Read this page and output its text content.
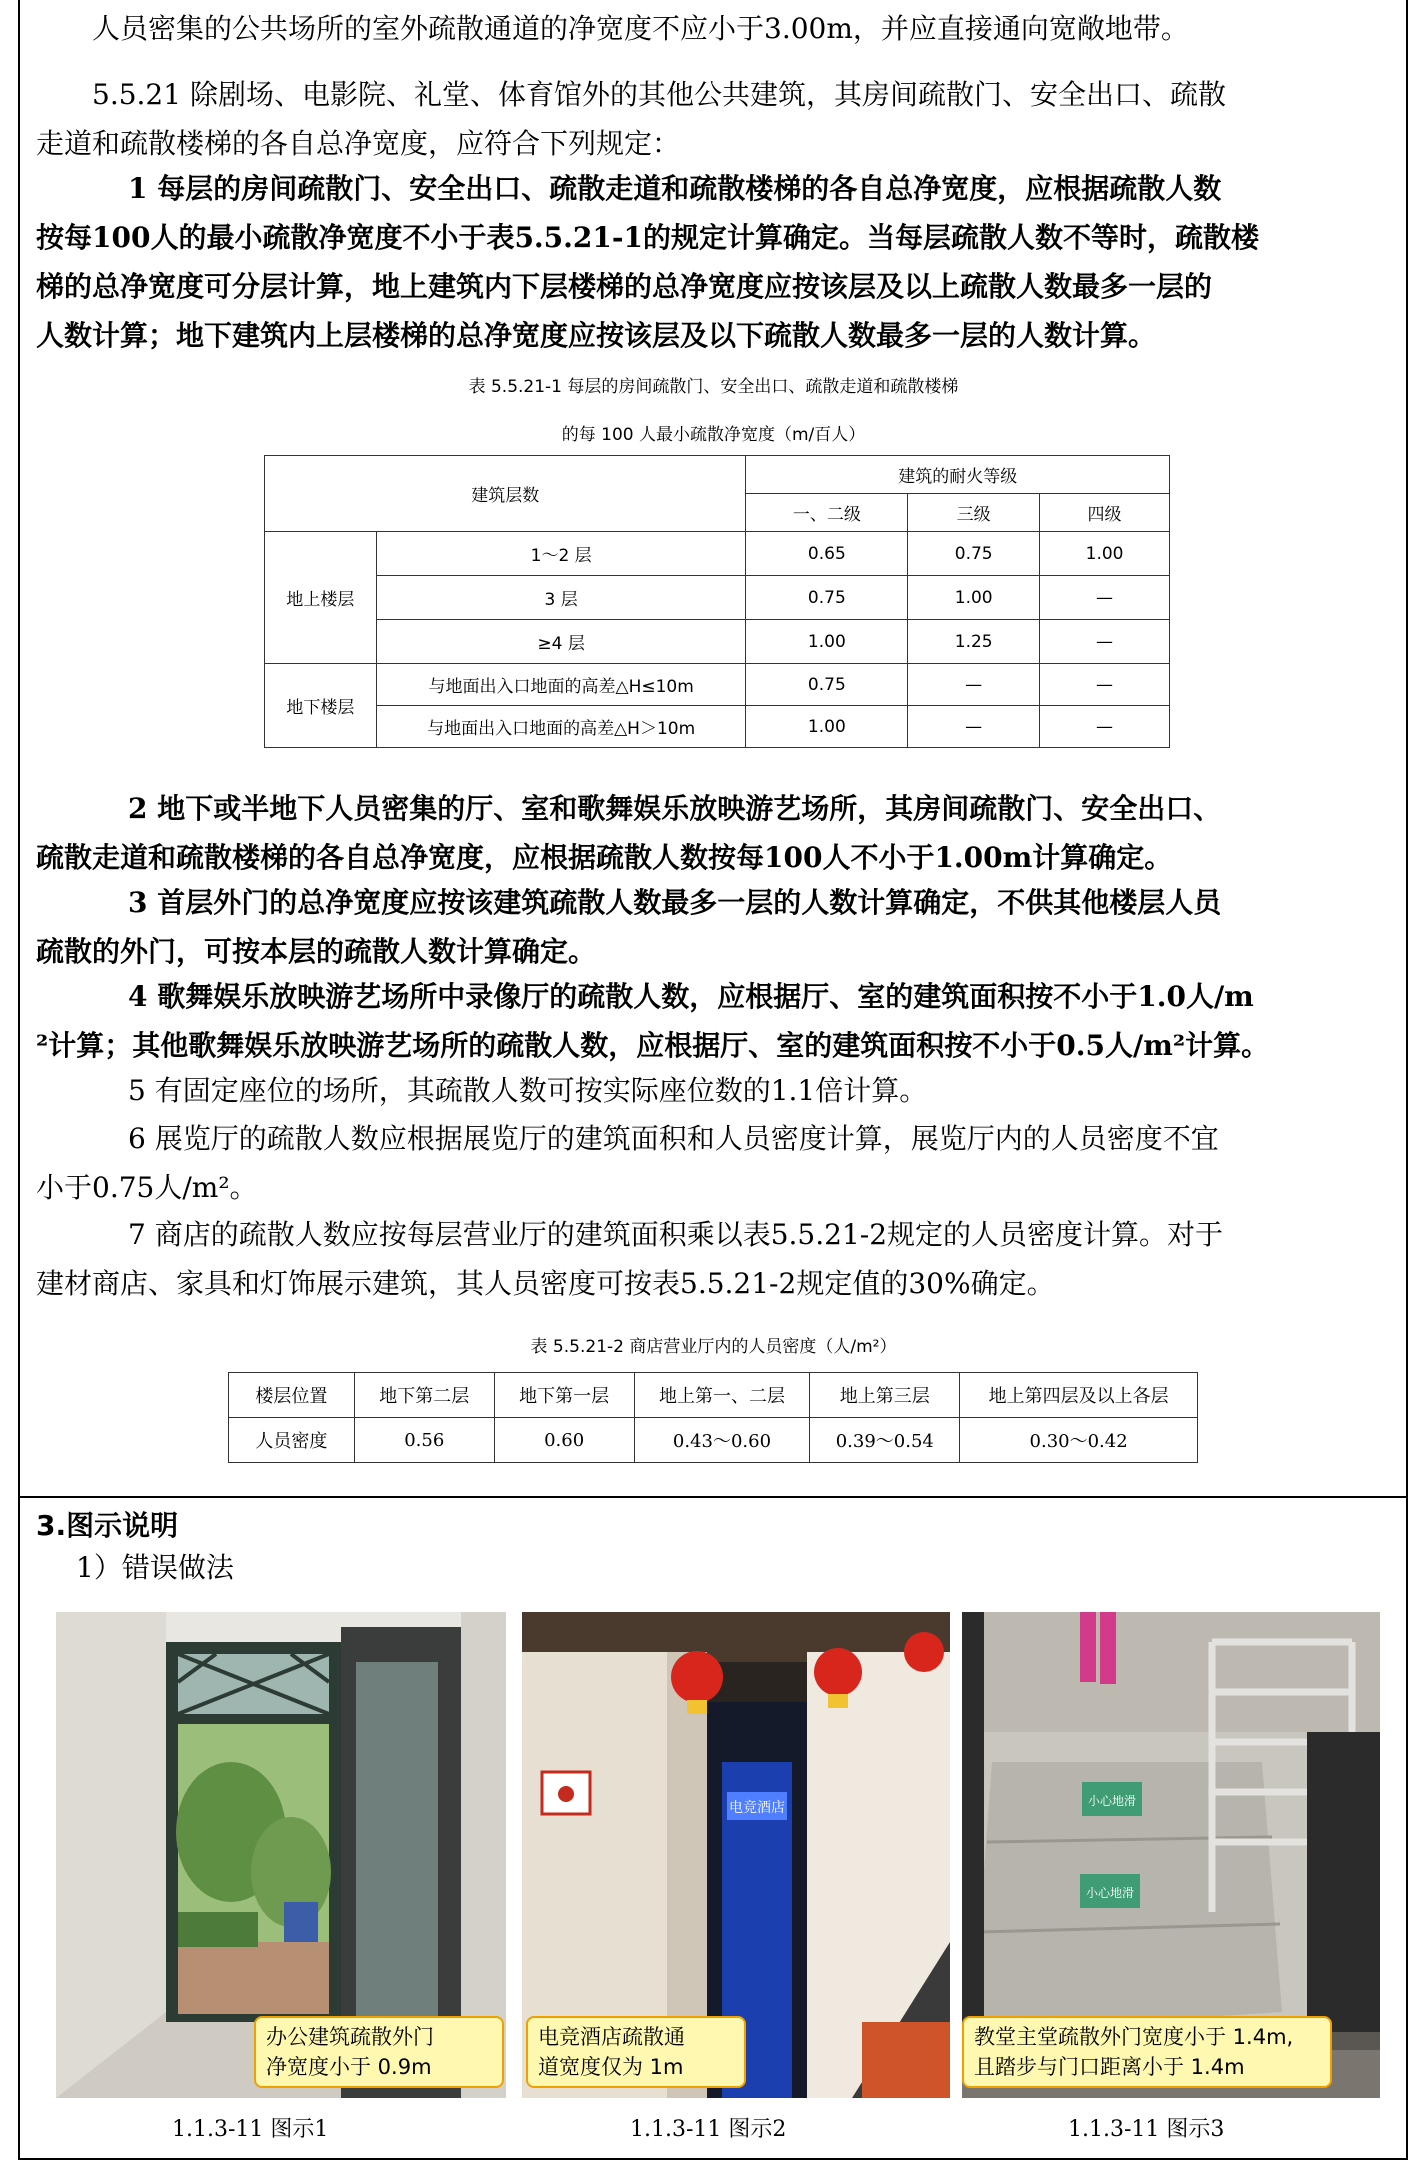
人员密集的公共场所的室外疏散通道的净宽度不应小于3.00m，并应直接通向宽敞地带。

5.5.21 除剧场、电影院、礼堂、体育馆外的其他公共建筑，其房间疏散门、安全出口、疏散
走道和疏散楼梯的各自总净宽度，应符合下列规定：

1 每层的房间疏散门、安全出口、疏散走道和疏散楼梯的各自总净宽度，应根据疏散人数
按每100人的最小疏散净宽度不小于表5.5.21-1的规定计算确定。当每层疏散人数不等时，疏散楼
梯的总净宽度可分层计算，地上建筑内下层楼梯的总净宽度应按该层及以上疏散人数最多一层的
人数计算；地下建筑内上层楼梯的总净宽度应按该层及以下疏散人数最多一层的人数计算。

表 5.5.21-1 每层的房间疏散门、安全出口、疏散走道和疏散楼梯
的每 100 人最小疏散净宽度（m/百人）
建筑层数		建筑的耐火等级		
		一、二级	三级	四级
地上楼层	1～2 层	0.65	0.75	1.00
	3 层	0.75	1.00	—
	≥4 层	1.00	1.25	—
地下楼层	与地面出入口地面的高差△H≤10m	0.75	—	—
	与地面出入口地面的高差△H＞10m	1.00	—	—

2 地下或半地下人员密集的厅、室和歌舞娱乐放映游艺场所，其房间疏散门、安全出口、
疏散走道和疏散楼梯的各自总净宽度，应根据疏散人数按每100人不小于1.00m计算确定。

3 首层外门的总净宽度应按该建筑疏散人数最多一层的人数计算确定，不供其他楼层人员
疏散的外门，可按本层的疏散人数计算确定。

4 歌舞娱乐放映游艺场所中录像厅的疏散人数，应根据厅、室的建筑面积按不小于1.0人/m
²计算；其他歌舞娱乐放映游艺场所的疏散人数，应根据厅、室的建筑面积按不小于0.5人/m²计算。

5 有固定座位的场所，其疏散人数可按实际座位数的1.1倍计算。

6 展览厅的疏散人数应根据展览厅的建筑面积和人员密度计算，展览厅内的人员密度不宜
小于0.75人/m²。

7 商店的疏散人数应按每层营业厅的建筑面积乘以表5.5.21-2规定的人员密度计算。对于
建材商店、家具和灯饰展示建筑，其人员密度可按表5.5.21-2规定值的30%确定。

表 5.5.21-2 商店营业厅内的人员密度（人/m²）
楼层位置	地下第二层	地下第一层	地上第一、二层	地上第三层	地上第四层及以上各层
人员密度	0.56	0.60	0.43～0.60	0.39～0.54	0.30～0.42

3.图示说明

1）错误做法

办公建筑疏散外门
净宽度小于 0.9m
1.1.3-11 图示1
电竞酒店
电竞酒店疏散通
道宽度仅为 1m
1.1.3-11 图示2
小心地滑
小心地滑
教堂主堂疏散外门宽度小于 1.4m,
且踏步与门口距离小于 1.4m
1.1.3-11 图示3
